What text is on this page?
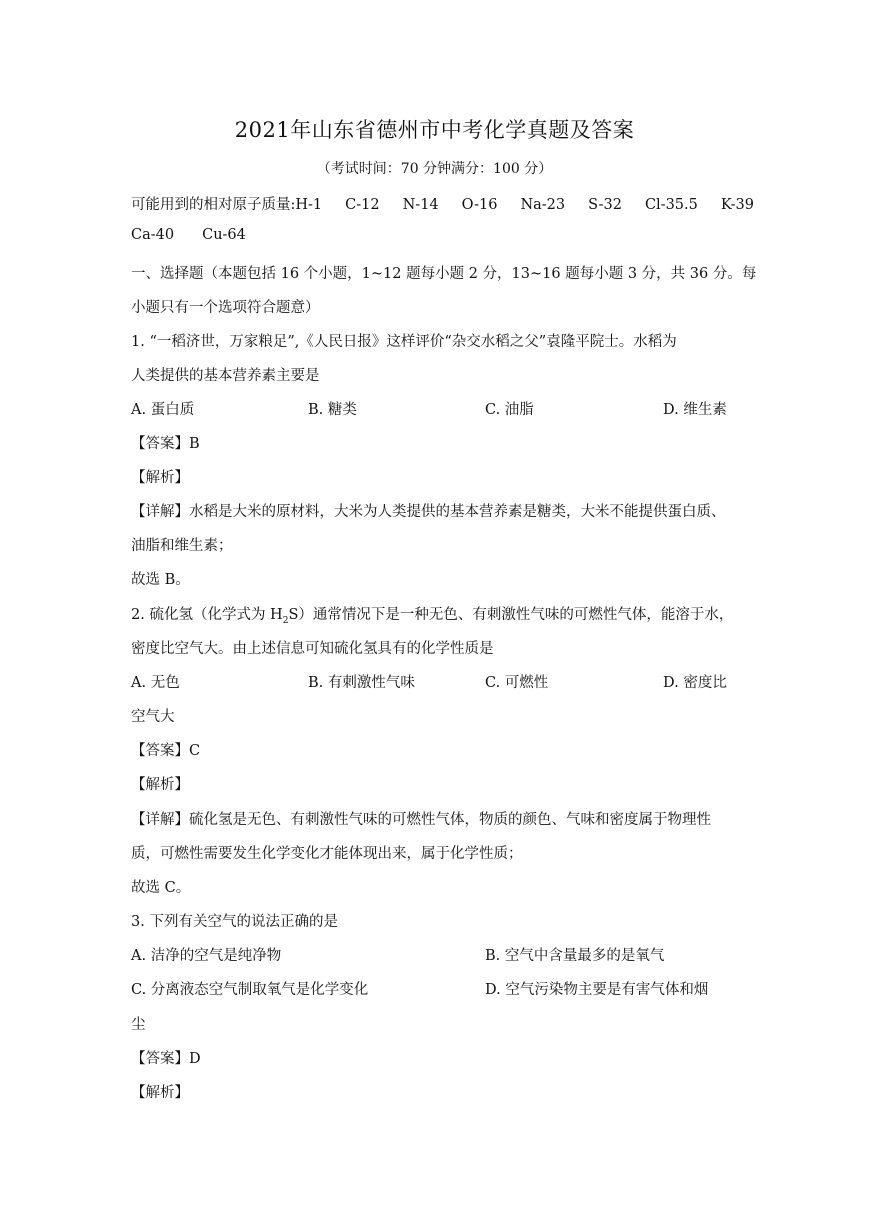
2021年山东省德州市中考化学真题及答案
（考试时间：70 分钟满分：100 分）
可能用到的相对原子质量:H-1 C-12 N-14 O-16 Na-23 S-32 Cl-35.5 K-39
Ca-40 Cu-64
一、选择题（本题包括 16 个小题，1~12 题每小题 2 分，13~16 题每小题 3 分，共 36 分。每
小题只有一个选项符合题意）
1. “一稻济世，万家粮足”,《人民日报》这样评价“杂交水稻之父”袁隆平院士。水稻为
人类提供的基本营养素主要是
A. 蛋白质	B. 糖类	C. 油脂	D. 维生素
【答案】B
【解析】
【详解】水稻是大米的原材料，大米为人类提供的基本营养素是糖类，大米不能提供蛋白质、
油脂和维生素；
故选 B。
2. 硫化氢（化学式为 $H_2S$）通常情况下是一种无色、有刺激性气味的可燃性气体，能溶于水，
密度比空气大。由上述信息可知硫化氢具有的化学性质是
A. 无色	B. 有刺激性气味	C. 可燃性	D. 密度比
空气大
【答案】C
【解析】
【详解】硫化氢是无色、有刺激性气味的可燃性气体，物质的颜色、气味和密度属于物理性
质，可燃性需要发生化学变化才能体现出来，属于化学性质；
故选 C。
3. 下列有关空气的说法正确的是
A. 洁净的空气是纯净物	B. 空气中含量最多的是氧气
C. 分离液态空气制取氧气是化学变化	D. 空气污染物主要是有害气体和烟
尘
【答案】D
【解析】
